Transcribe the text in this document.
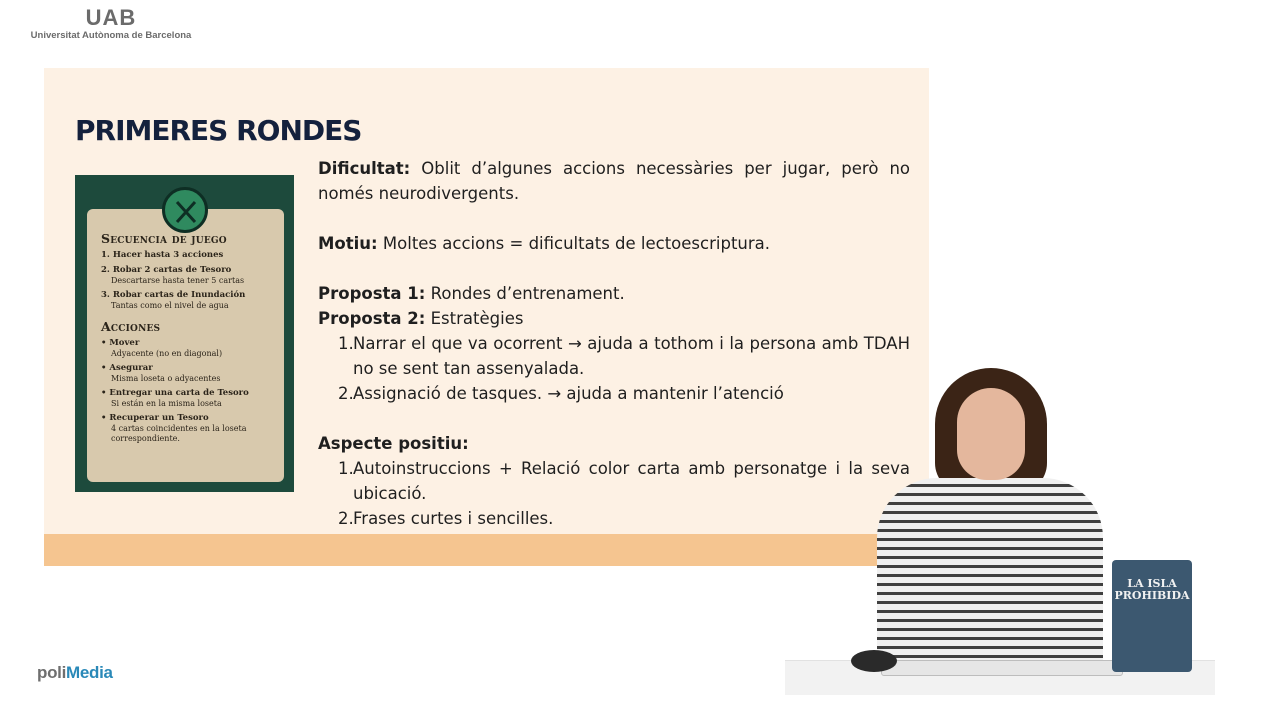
UAB
Universitat Autònoma de Barcelona
PRIMERES RONDES
Secuencia de juego
1. Hacer hasta 3 acciones
2. Robar 2 cartas de Tesoro
Descartarse hasta tener 5 cartas
3. Robar cartas de Inundación
Tantas como el nivel de agua
Acciones
• Mover
Adyacente (no en diagonal)
• Asegurar
Misma loseta o adyacentes
• Entregar una carta de Tesoro
Si están en la misma loseta
• Recuperar un Tesoro
4 cartas coincidentes en la loseta correspondiente.

Dificultat: Oblit d’algunes accions necessàries per jugar, però no només neurodivergents.

Motiu: Moltes accions = dificultats de lectoescriptura.

Proposta 1: Rondes d’entrenament.

Proposta 2: Estratègies

1. Narrar el que va ocorrent → ajuda a tothom i la persona amb TDAH no se sent tan assenyalada.
2. Assignació de tasques. → ajuda a mantenir l’atenció

Aspecte positiu:

1. Autoinstruccions + Relació color carta amb personatge i la seva ubicació.
2. Frases curtes i sencilles.
LA ISLA PROHIBIDA
poliMedia
